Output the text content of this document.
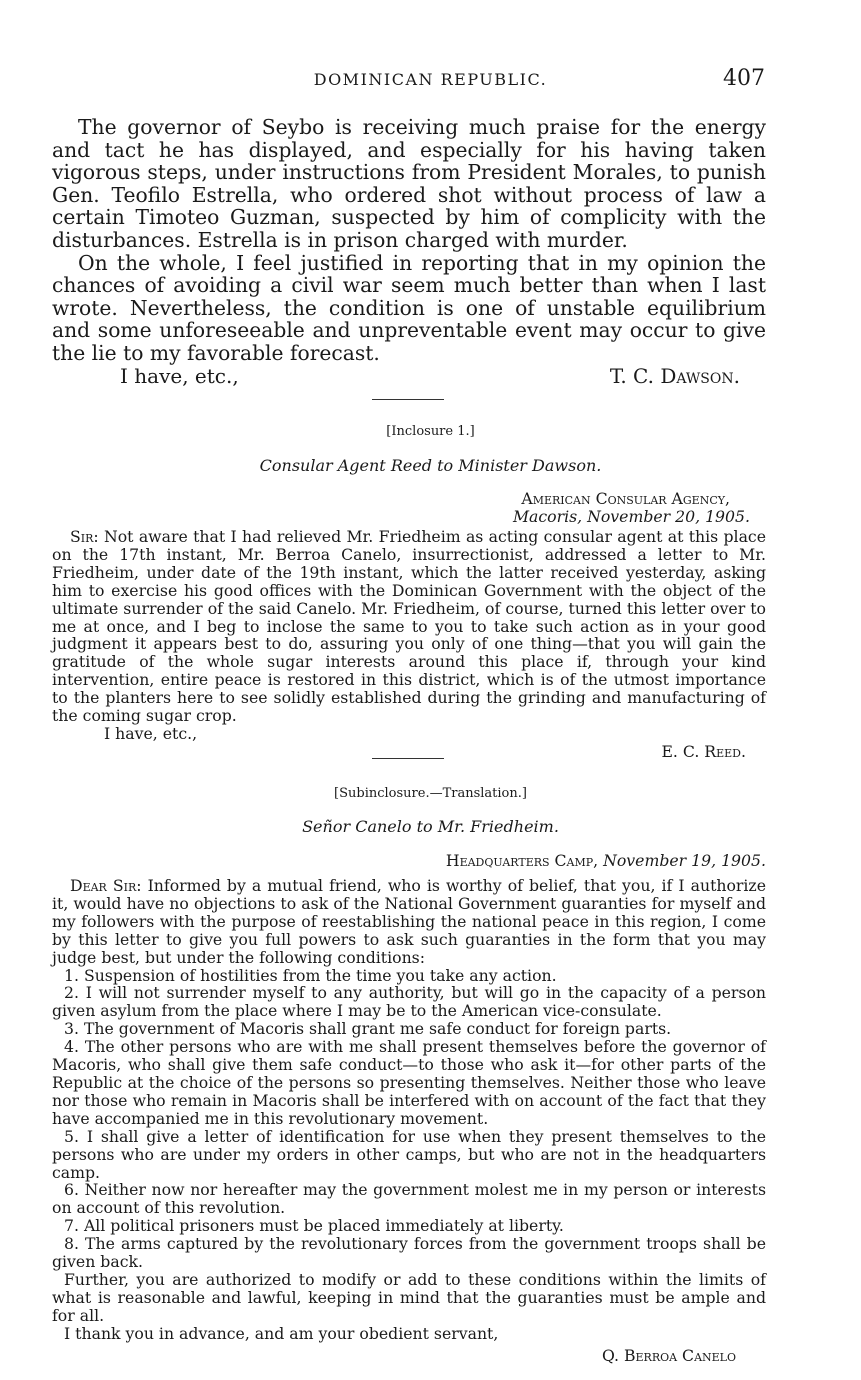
DOMINICAN REPUBLIC.	407

The governor of Seybo is receiving much praise for the energy and tact he has displayed, and especially for his having taken vigorous steps, under instructions from President Morales, to punish Gen. Teofilo Estrella, who ordered shot without process of law a certain Timoteo Guzman, suspected by him of complicity with the disturbances. Estrella is in prison charged with murder.

On the whole, I feel justified in reporting that in my opinion the chances of avoiding a civil war seem much better than when I last wrote. Nevertheless, the condition is one of unstable equilibrium and some unforeseeable and unpreventable event may occur to give the lie to my favorable forecast.

I have, etc.,	T. C. Dawson.
[Inclosure 1.]
Consular Agent Reed to Minister Dawson.
American Consular Agency,
Macoris, November 20, 1905.

Sir: Not aware that I had relieved Mr. Friedheim as acting consular agent at this place on the 17th instant, Mr. Berroa Canelo, insurrectionist, addressed a letter to Mr. Friedheim, under date of the 19th instant, which the latter received yesterday, asking him to exercise his good offices with the Dominican Government with the object of the ultimate surrender of the said Canelo. Mr. Friedheim, of course, turned this letter over to me at once, and I beg to inclose the same to you to take such action as in your good judgment it appears best to do, assuring you only of one thing—that you will gain the gratitude of the whole sugar interests around this place if, through your kind intervention, entire peace is restored in this district, which is of the utmost importance to the planters here to see solidly established during the grinding and manufacturing of the coming sugar crop.

I have, etc.,
E. C. Reed.
[Subinclosure.—Translation.]
Señor Canelo to Mr. Friedheim.
Headquarters Camp, November 19, 1905.

Dear Sir: Informed by a mutual friend, who is worthy of belief, that you, if I authorize it, would have no objections to ask of the National Government guaranties for myself and my followers with the purpose of reestablishing the national peace in this region, I come by this letter to give you full powers to ask such guaranties in the form that you may judge best, but under the following conditions:

1. Suspension of hostilities from the time you take any action.

2. I will not surrender myself to any authority, but will go in the capacity of a person given asylum from the place where I may be to the American vice-consulate.

3. The government of Macoris shall grant me safe conduct for foreign parts.

4. The other persons who are with me shall present themselves before the governor of Macoris, who shall give them safe conduct—to those who ask it—for other parts of the Republic at the choice of the persons so presenting themselves. Neither those who leave nor those who remain in Macoris shall be interfered with on account of the fact that they have accompanied me in this revolutionary movement.

5. I shall give a letter of identification for use when they present themselves to the persons who are under my orders in other camps, but who are not in the headquarters camp.

6. Neither now nor hereafter may the government molest me in my person or interests on account of this revolution.

7. All political prisoners must be placed immediately at liberty.

8. The arms captured by the revolutionary forces from the government troops shall be given back.

Further, you are authorized to modify or add to these conditions within the limits of what is reasonable and lawful, keeping in mind that the guaranties must be ample and for all.

I thank you in advance, and am your obedient servant,

Q. Berroa Canelo
